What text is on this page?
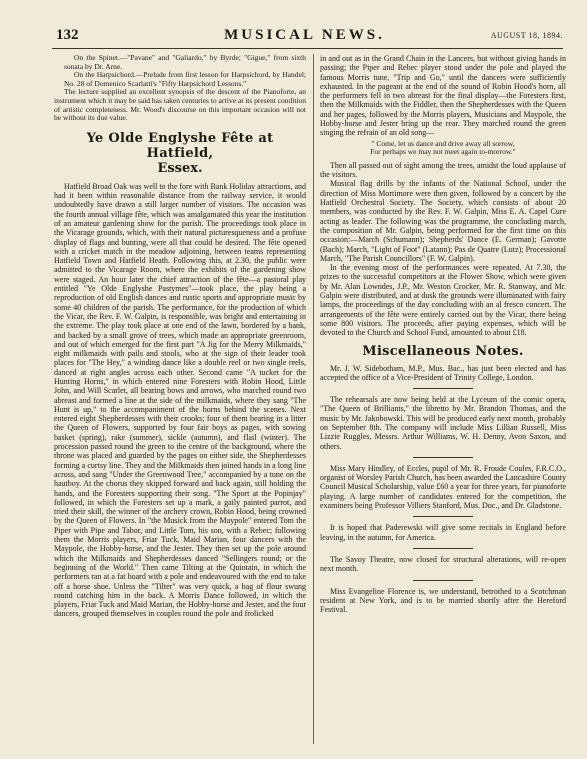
132	MUSICAL NEWS.	AUGUST 18, 1894.

On the Spinet.—"Pavane" and "Galiardo," by Byrde; "Gigue," from sixth sonata by Dr. Arne.

On the Harpsichord.—Prelude from first lesson for Harpsichord, by Handel; No. 28 of Domenico Scarlatti's "Fifty Harpsichord Lessons."

The lecture supplied an excellent synopsis of the descent of the Pianoforte, an instrument which it may be said has taken centuries to arrive at its present condition of artistic completeness. Mr. Wood's discourse on this important occasion will not be without its due value.

Ye Olde Englyshe Fête at Hatfield,
Essex.

Hatfield Broad Oak was well to the fore with Bank Holiday attractions, and had it been within reasonable distance from the railway service, it would undoubtedly have drawn a still larger number of visitors. The occasion was the fourth annual village fête, which was amalgamated this year the institution of an amateur gardening show for the parish. The proceedings took place in the Vicarage grounds, which, with their natural picturesqueness and a profuse display of flags and bunting, were all that could be desired. The fête opened with a cricket match in the meadow adjoining, between teams representing Hatfield Town and Hatfield Heath. Following this, at 2.30, the public were admitted to the Vicarage Room, where the exhibits of the gardening show were staged. An hour later the chief attraction of the fête—a pastoral play entitled "Ye Olde Englyshe Pastymes"—took place, the play being a reproduction of old English dances and rustic sports and appropriate music by some 40 children of the parish. The performance, for the production of which the Vicar, the Rev. F. W. Galpin, is responsible, was bright and entertaining in the extreme. The play took place at one end of the lawn, bordered by a bank, and backed by a small grove of trees, which made an appropriate greenroom, and out of which emerged for the first part "A Jig for the Merry Milkmaids," eight milkmaids with pails and stools, who at the sign of their leader took places for "The Hey," a winding dance like a double reel or two single reels, danced at right angles across each other. Second came "A tucket for the Hunting Horns," in which entered nine Foresters with Robin Hood, Little John, and Will Scarlet, all bearing bows and arrows, who marched round two abreast and formed a line at the side of the milkmaids, where they sang "The Hunt is up," to the accompaniment of the horns behind the scenes. Next entered eight Shepherdesses with their crooks; four of them bearing in a litter the Queen of Flowers, supported by four fair boys as pages, with sowing basket (spring), rake (summer), sickle (autumn), and flail (winter). The procession passed round the green to the centre of the background, where the throne was placed and guarded by the pages on either side, the Shepherdesses forming a curtsy line. They and the Milkmaids then joined hands in a long line across, and sang "Under the Greenwood Tree," accompanied by a tune on the hautboy. At the chorus they skipped forward and back again, still holding the hands, and the Foresters supporting their song. "The Sport at the Popinjay" followed, in which the Foresters set up a mark, a gaily painted parrot, and tried their skill, the winner of the archery crown, Robin Hood, being crowned by the Queen of Flowers. In "the Musick from the Maypole" entered Tom the Piper with Pipe and Tabor, and Little Tom, his son, with a Rebec; following them the Morris players, Friar Tuck, Maid Marian, four dancers with the Maypole, the Hobby-horse, and the Jester. They then set up the pole around which the Milkmaids and Shepherdesses danced "Sellingers round; or the beginning of the World." Then came Tilting at the Quintain, in which the performers ran at a fat board with a pole and endeavoured with the end to take off a horse shoe. Unless the "Tilter" was very quick, a bag of flour swung round catching him in the back. A Morris Dance followed, in which the players, Friar Tuck and Maid Marian, the Hobby-horse and Jester, and the four dancers, grouped themselves in couples round the pole and frolicked

in and out as in the Grand Chain in the Lancers, but without giving hands in passing; the Piper and Rebec player stood under the pole and played the famous Morris tune, "Trip and Go," until the dancers were sufficiently exhausted. In the pageant at the end of the sound of Robin Hood's horn, all the performers fell in two abreast for the final display—the Foresters first, then the Milkmaids with the Fiddler, then the Shepherdesses with the Queen and her pages, followed by the Morris players, Musicians and Maypole, the Hobby-horse and Jester bring up the rear. They marched round the green singing the refrain of an old song—

" Come, let us dance and drive away all sorrow,
For perhaps we may not meet again to-morrow."

Then all passed out of sight among the trees, amidst the loud applause of the visitors.

Musical flag drills by the infants of the National School, under the direction of Miss Mortimore were then given, followed by a concert by the Hatfield Orchestral Society. The Society, which consists of about 20 members, was conducted by the Rev. F. W. Galpin, Miss E. A. Capel Cure acting as leader. The following was the programme, the concluding march, the composition of Mr. Galpin, being performed for the first time on this occasion:—March (Schumann); Shepherds' Dance (E. German); Gavotte (Bach); March, "Light of Foot" (Latann); Pas de Quatre (Lutz); Processional March, "The Parish Councillors" (F. W. Galpin).

In the evening most of the performances were repeated. At 7.30, the prizes to the successful competitors at the Flower Show, which were given by Mr. Alan Lowndes, J.P., Mr. Weston Crocker, Mr. R. Stanway, and Mr. Galpin were distributed, and at dusk the grounds were illuminated with fairy lamps, the proceedings of the day concluding with an al fresco concert. The arrangements of the fête were entirely carried out by the Vicar, there being some 800 visitors. The proceeds, after paying expenses, which will be devoted to the Church and School Fund, amounted to about £18.

Miscellaneous Notes.

Mr. J. W. Sidebotham, M.P., Mus. Bac., has just been elected and has accepted the office of a Vice-President of Trinity College, London.

The rehearsals are now being held at the Lyceum of the comic opera, "The Queen of Brilliants," the libretto by Mr. Brandon Thomas, and the music by Mr. Jakobowski. This will be produced early next month, probably on September 8th. The company will include Miss Lillian Russell, Miss Lizzie Ruggles, Messrs. Arthur Williams, W. H. Denny, Avon Saxon, and others.

Miss Mary Hindley, of Eccles, pupil of Mr. R. Froude Coules, F.R.C.O., organist of Worsley Parish Church, has been awarded the Lancashire County Council Musical Scholarship, value £60 a year for three years, for pianoforte playing. A large number of candidates entered for the competition, the examiners being Professor Villiers Stanford, Mus. Doc., and Dr. Gladstone.

It is hoped that Paderewski will give some recitals in England before leaving, in the autumn, for America.

The Savoy Theatre, now closed for structural alterations, will re-open next month.

Miss Evangeline Florence is, we understand, betrothed to a Scotchman resident at New York, and is to be married shortly after the Hereford Festival.
